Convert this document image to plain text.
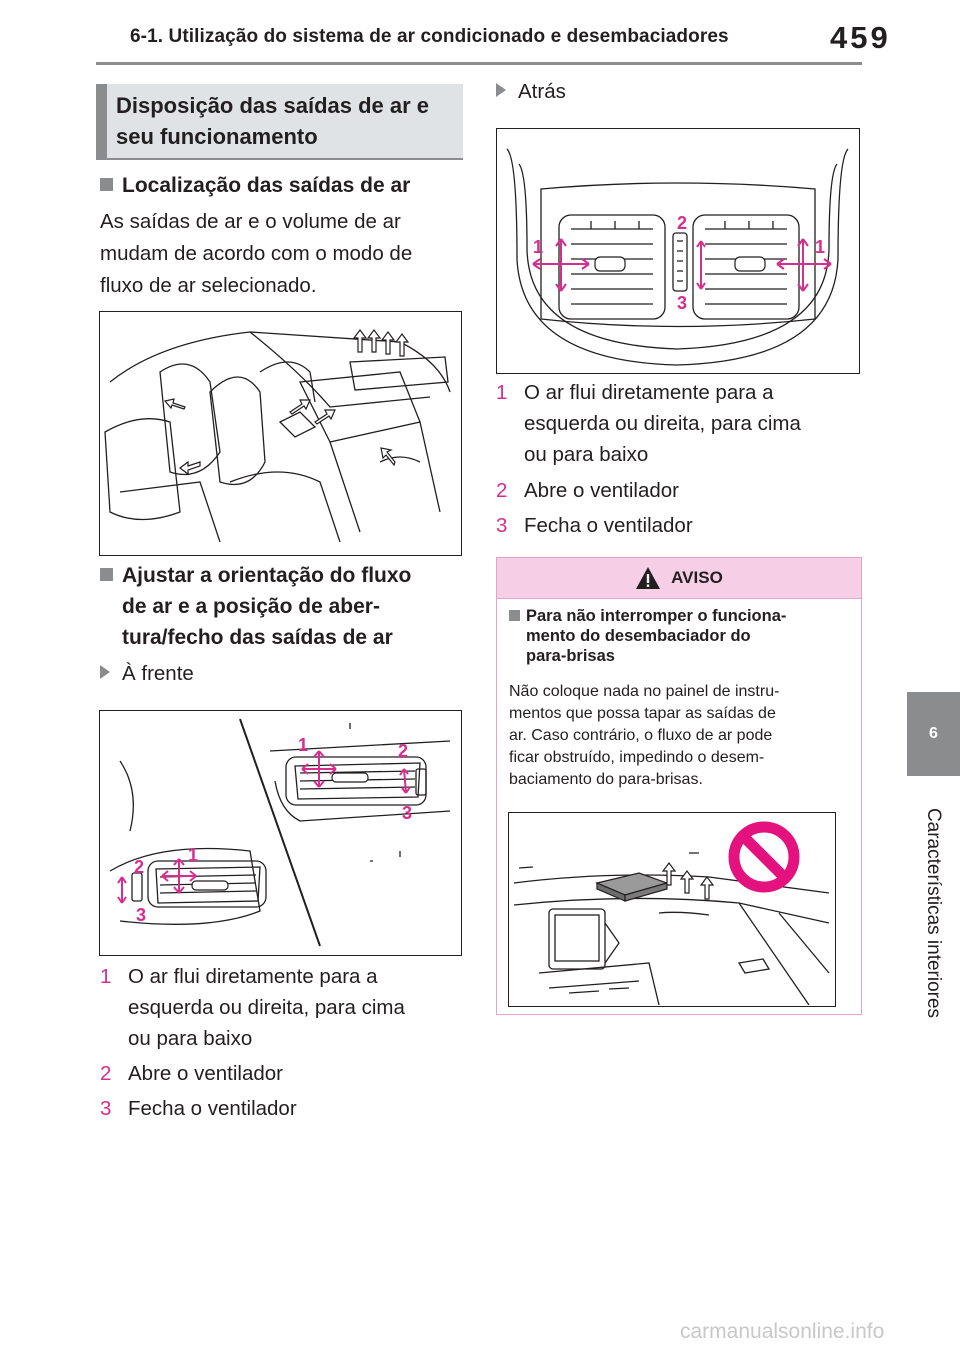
6-1. Utilização do sistema de ar condicionado e desembaciadores	459
6
Características interiores
Disposição das saídas de ar e seu funcionamento
Localização das saídas de ar
As saídas de ar e o volume de ar mudam de acordo com o modo de fluxo de ar selecionado.
Ajustar a orientação do fluxo
de ar e a posição de aber-
tura/fecho das saídas de ar
À frente
1	2
3
1
2
3
1 O ar flui diretamente para a
esquerda ou direita, para cima
ou para baixo
2 Abre o ventilador
3 Fecha o ventilador
Atrás
1
2
3
1
1 O ar flui diretamente para a
esquerda ou direita, para cima
ou para baixo
2 Abre o ventilador
3 Fecha o ventilador
AVISO
Para não interromper o funciona-
mento do desembaciador do
para-brisas
Não coloque nada no painel de instru-
mentos que possa tapar as saídas de
ar. Caso contrário, o fluxo de ar pode
ficar obstruído, impedindo o desem-
baciamento do para-brisas.
carmanualsonline.info
